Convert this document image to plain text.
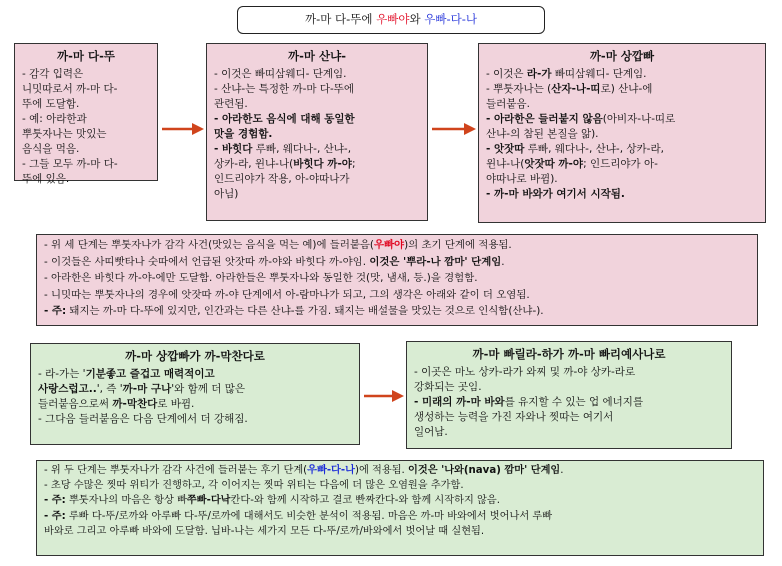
까-마 다-뚜에 우빠야와 우빠-다-나
까-마 다-뚜
- 감각 입력은
니밋따로서 까-마 다-
뚜에 도달함.
- 예: 아라한과
뿌툿자나는 맛있는
음식을 먹음.
- 그들 모두 까-마 다-
뚜에 있음.
까-마 산냐-
- 이것은 빠띠삼웨디- 단계임.
- 산냐-는 특정한 까-마 다-뚜에
관련됨.
- 아라한도 음식에 대해 동일한
맛을 경험함.
- 바힛다 루빠, 웨다나-, 산냐-,
상카-라, 윈냐-나(바힛다 까-야;
인드리야가 작용, 아-야따나가
아님)
까-마 상깝빠
- 이것은 라-가 빠띠삼웨디- 단계임.
- 뿌툿자나는 (산자-나-띠로) 산냐-에
들러붙음.
- 아라한은 들러붙지 않음(아비자-나-띠로
산냐-의 참된 본질을 앎).
- 앗잣따 루빠, 웨다나-, 산냐-, 상카-라,
윈냐-나(앗잣따 까-야; 인드리야가 아-
야따나로 바뀜).
- 까-마 바와가 여기서 시작됨.
- 위 세 단계는 뿌툿자나가 감각 사건(맛있는 음식을 먹는 예)에 들러붙음(우빠야)의 초기 단계에 적용됨.
- 이것들은 사띠빳타나 숫따에서 언급된 앗잣따 까-야와 바힛다 까-야임. 이것은 '뿌라-나 깜마' 단계임.
- 아라한은 바힛다 까-야-에만 도달함. 아라한들은 뿌툿자나와 동일한 것(맛, 냄새, 등.)을 경험함.
- 니밋따는 뿌툿자나의 경우에 앗잣따 까-야 단계에서 아-람마나가 되고, 그의 생각은 아래와 같이 더 오염됨.
- 주: 돼지는 까-마 다-뚜에 있지만, 인간과는 다른 산냐-를 가짐. 돼지는 배설물을 맛있는 것으로 인식함(산냐-).
까-마 상깝빠가 까-막찬다로
- 라-가는 '기분좋고 즐겁고 매력적이고
사랑스럽고..', 즉 '까-마 구나'와 함께 더 많은
들러붙음으로써 까-막찬다로 바뀜.
- 그다음 들러붙음은 다음 단계에서 더 강해짐.
까-마 빠릴라-하가 까-마 빠리예사나로
- 이곳은 마노 상카-라가 와찌 및 까-야 상카-라로
강화되는 곳임.
- 미래의 까-마 바와를 유지할 수 있는 업 에너지를
생성하는 능력을 가진 자와나 찟따는 여기서
일어남.
- 위 두 단계는 뿌툿자나가 감각 사건에 들러붙는 후기 단계(우빠-다-나)에 적용됨. 이것은 '나와(nava) 깜마' 단계임.
- 초당 수많은 찟따 위티가 진행하고, 각 이어지는 찟따 위티는 다음에 더 많은 오염원을 추가함.
- 주: 뿌툿자나의 마음은 항상 빠쭈빠-다낙칸다-와 함께 시작하고 결코 빤짜칸다-와 함께 시작하지 않음.
- 주: 루빠 다-뚜/로까와 아루빠 다-뚜/로까에 대해서도 비슷한 분석이 적용됨. 마음은 까-마 바와에서 벗어나서 루빠
바와로 그리고 아루빠 바와에 도달함. 닙바-나는 세가지 모든 다-뚜/로까/바와에서 벗어날 때 실현됨.
